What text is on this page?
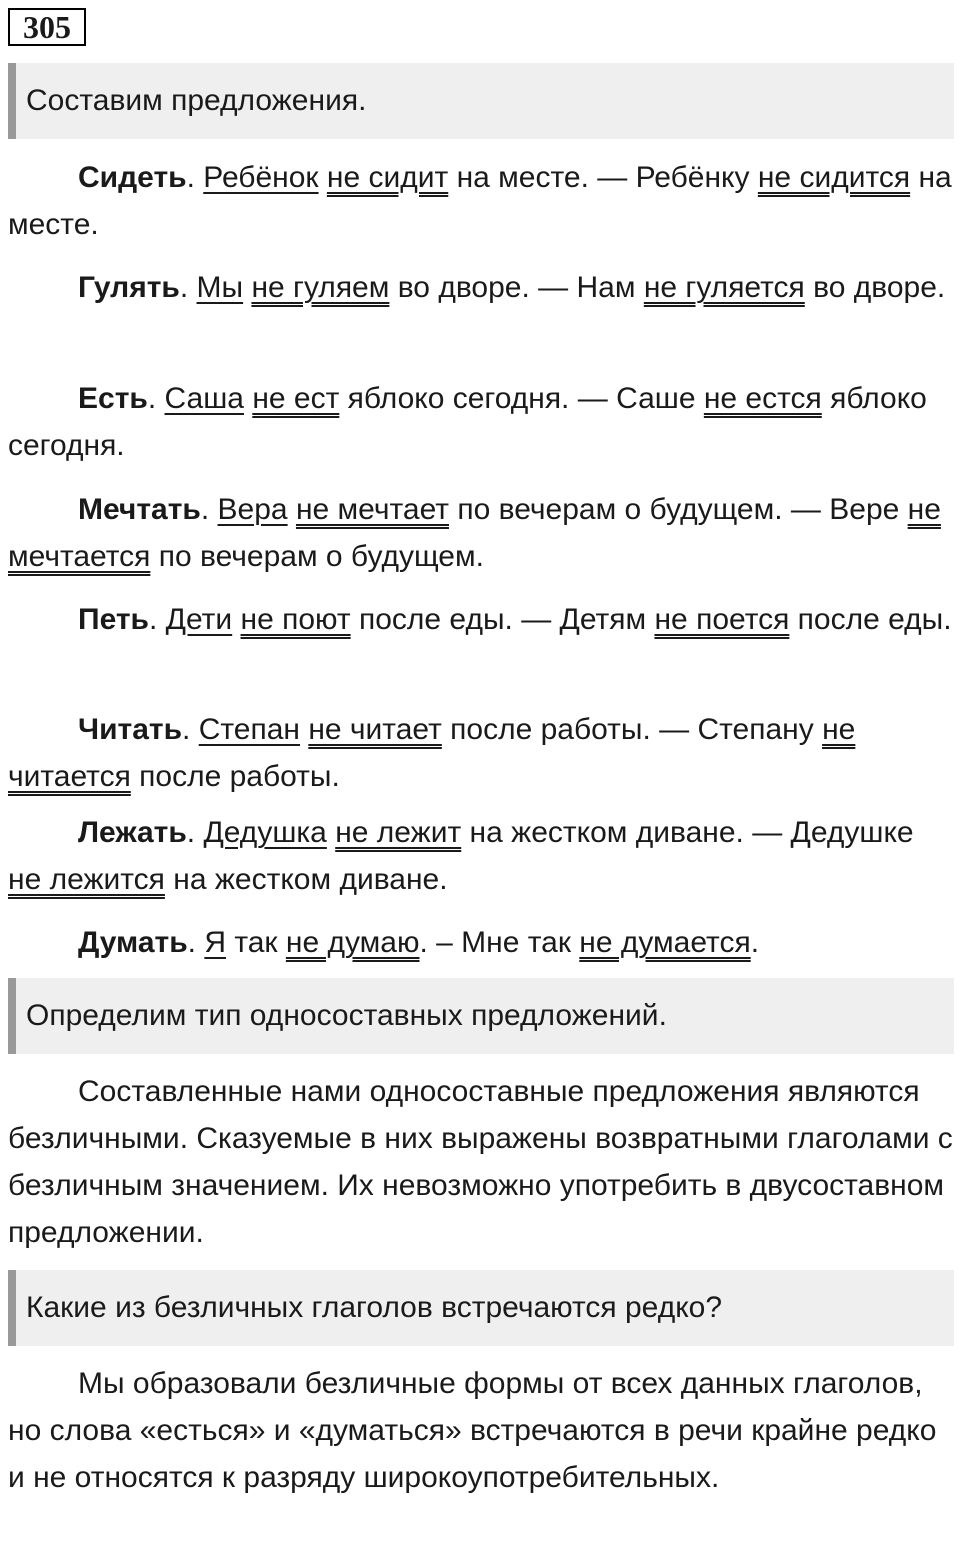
305
Составим предложения.

Сидеть. Ребёнок не сидит на месте. — Ребёнку не сидится на месте.

Гулять. Мы не гуляем во дворе. — Нам не гуляется во дворе.

Есть. Саша не ест яблоко сегодня. — Саше не естся яблоко сегодня.

Мечтать. Вера не мечтает по вечерам о будущем. — Вере не мечтается по вечерам о будущем.

Петь. Дети не поют после еды. — Детям не поется после еды.

Читать. Степан не читает после работы. — Степану не читается после работы.

Лежать. Дедушка не лежит на жестком диване. — Дедушке не лежится на жестком диване.

Думать. Я так не думаю. – Мне так не думается.

Определим тип односоставных предложений.

Составленные нами односоставные предложения являются безличными. Сказуемые в них выражены возвратными глаголами с безличным значением. Их невозможно употребить в двусоставном предложении.

Какие из безличных глаголов встречаются редко?

Мы образовали безличные формы от всех данных глаголов, но слова «есться» и «думаться» встречаются в речи крайне редко и не относятся к разряду широкоупотребительных.
